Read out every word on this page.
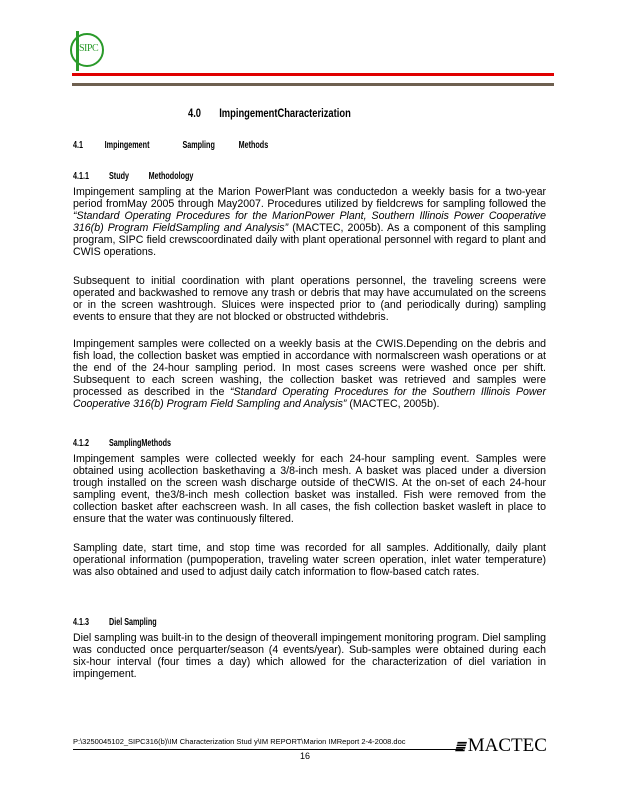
SIPC
4.0 ImpingementCharacterization
4.1 Impingement	Sampling Methods
4.1.1 Study Methodology

Impingement sampling at the Marion PowerPlant was conductedon a weekly basis for a two-year period fromMay 2005 through May2007. Procedures utilized by fieldcrews for sampling followed the “Standard Operating Procedures for the MarionPower Plant, Southern Illinois Power Cooperative 316(b) Program FieldSampling and Analysis” (MACTEC, 2005b). As a component of this sampling program, SIPC field crewscoordinated daily with plant operational personnel with regard to plant and CWIS operations.

Subsequent to initial coordination with plant operations personnel, the traveling screens were operated and backwashed to remove any trash or debris that may have accumulated on the screens or in the screen washtrough. Sluices were inspected prior to (and periodically during) sampling events to ensure that they are not blocked or obstructed withdebris.

Impingement samples were collected on a weekly basis at the CWIS.Depending on the debris and fish load, the collection basket was emptied in accordance with normalscreen wash operations or at the end of the 24-hour sampling period. In most cases screens were washed once per shift. Subsequent to each screen washing, the collection basket was retrieved and samples were processed as described in the “Standard Operating Procedures for the Southern Illinois Power Cooperative 316(b) Program Field Sampling and Analysis” (MACTEC, 2005b).

4.1.2 SamplingMethods

Impingement samples were collected weekly for each 24-hour sampling event. Samples were obtained using acollection baskethaving a 3/8-inch mesh. A basket was placed under a diversion trough installed on the screen wash discharge outside of theCWIS. At the on-set of each 24-hour sampling event, the3/8-inch mesh collection basket was installed. Fish were removed from the collection basket after eachscreen wash. In all cases, the fish collection basket wasleft in place to ensure that the water was continuously filtered.

Sampling date, start time, and stop time was recorded for all samples. Additionally, daily plant operational information (pumpoperation, traveling water screen operation, inlet water temperature) was also obtained and used to adjust daily catch information to flow-based catch rates.

4.1.3 Diel Sampling

Diel sampling was built-in to the design of theoverall impingement monitoring program. Diel sampling was conducted once perquarter/season (4 events/year). Sub-samples were obtained during each six-hour interval (four times a day) which allowed for the characterization of diel variation in impingement.

P:\3250045102_SIPC316(b)\IM Characterization Stud y\IM REPORT\Marion IMReport 2-4-2008.doc
16
≣MACTEC
